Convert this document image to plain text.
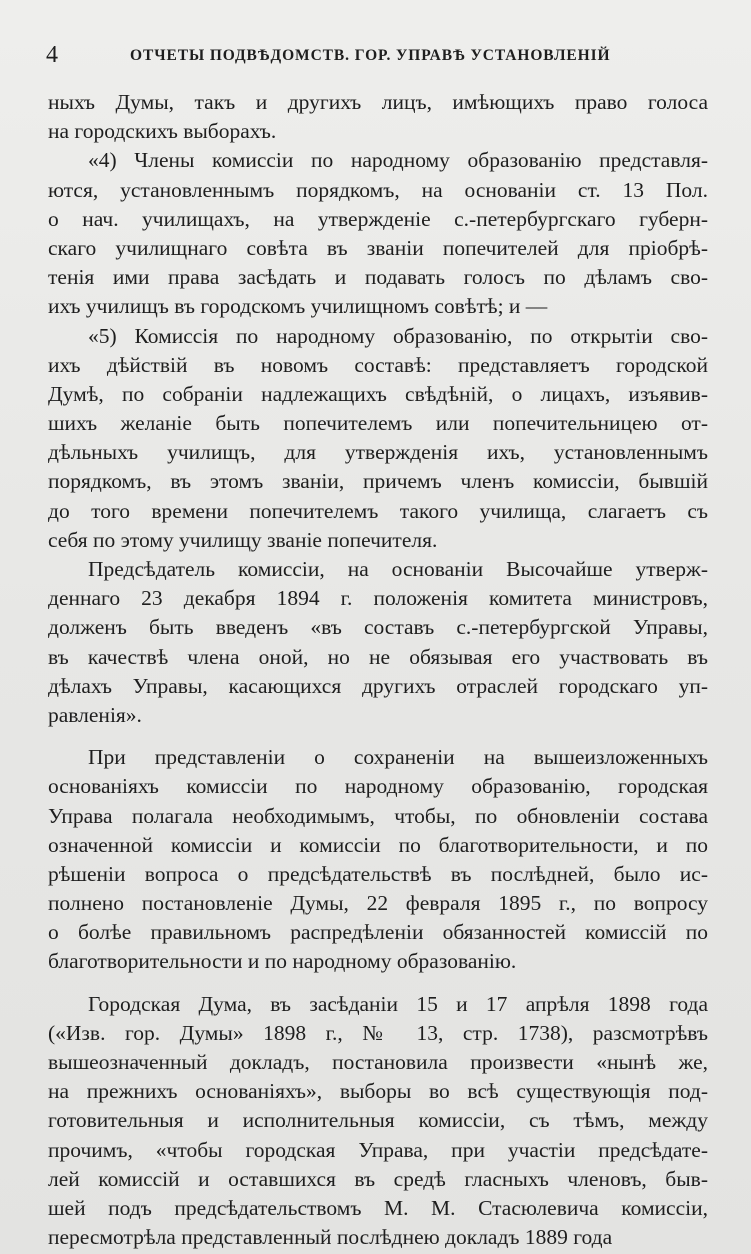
4	ОТЧЕТЫ ПОДВѢДОМСТВ. ГОР. УПРАВѢ УСТАНОВЛЕНІЙ
ныхъ Думы, такъ и другихъ лицъ, имѣющихъ право голоса
на городскихъ выборахъ.
«4) Члены комиссіи по народному образованію представля-
ются, установленнымъ порядкомъ, на основаніи ст. 13 Пол.
о нач. училищахъ, на утвержденіе с.-петербургскаго губерн-
скаго училищнаго совѣта въ званіи попечителей для пріобрѣ-
тенія ими права засѣдать и подавать голосъ по дѣламъ сво-
ихъ училищъ въ городскомъ училищномъ совѣтѣ; и —
«5) Комиссія по народному образованію, по открытіи сво-
ихъ дѣйствій въ новомъ составѣ: представляетъ городской
Думѣ, по собраніи надлежащихъ свѣдѣній, о лицахъ, изъявив-
шихъ желаніе быть попечителемъ или попечительницею от-
дѣльныхъ училищъ, для утвержденія ихъ, установленнымъ
порядкомъ, въ этомъ званіи, причемъ членъ комиссіи, бывшій
до того времени попечителемъ такого училища, слагаетъ съ
себя по этому училищу званіе попечителя.
Предсѣдатель комиссіи, на основаніи Высочайше утверж-
деннаго 23 декабря 1894 г. положенія комитета министровъ,
долженъ быть введенъ «въ составъ с.-петербургской Управы,
въ качествѣ члена оной, но не обязывая его участвовать въ
дѣлахъ Управы, касающихся другихъ отраслей городскаго уп-
равленія».
При представленіи о сохраненіи на вышеизложенныхъ
основаніяхъ комиссіи по народному образованію, городская
Управа полагала необходимымъ, чтобы, по обновленіи состава
означенной комиссіи и комиссіи по благотворительности, и по
рѣшеніи вопроса о предсѣдательствѣ въ послѣдней, было ис-
полнено постановленіе Думы, 22 февраля 1895 г., по вопросу
о болѣе правильномъ распредѣленіи обязанностей комиссій по
благотворительности и по народному образованію.
Городская Дума, въ засѣданіи 15 и 17 апрѣля 1898 года
(«Изв. гор. Думы» 1898 г., № 13, стр. 1738), разсмотрѣвъ
вышеозначенный докладъ, постановила произвести «нынѣ же,
на прежнихъ основаніяхъ», выборы во всѣ существующія под-
готовительныя и исполнительныя комиссіи, съ тѣмъ, между
прочимъ, «чтобы городская Управа, при участіи предсѣдате-
лей комиссій и оставшихся въ средѣ гласныхъ членовъ, быв-
шей подъ предсѣдательствомъ М. М. Стасюлевича комиссіи,
пересмотрѣла представленный послѣднею докладъ 1889 года
